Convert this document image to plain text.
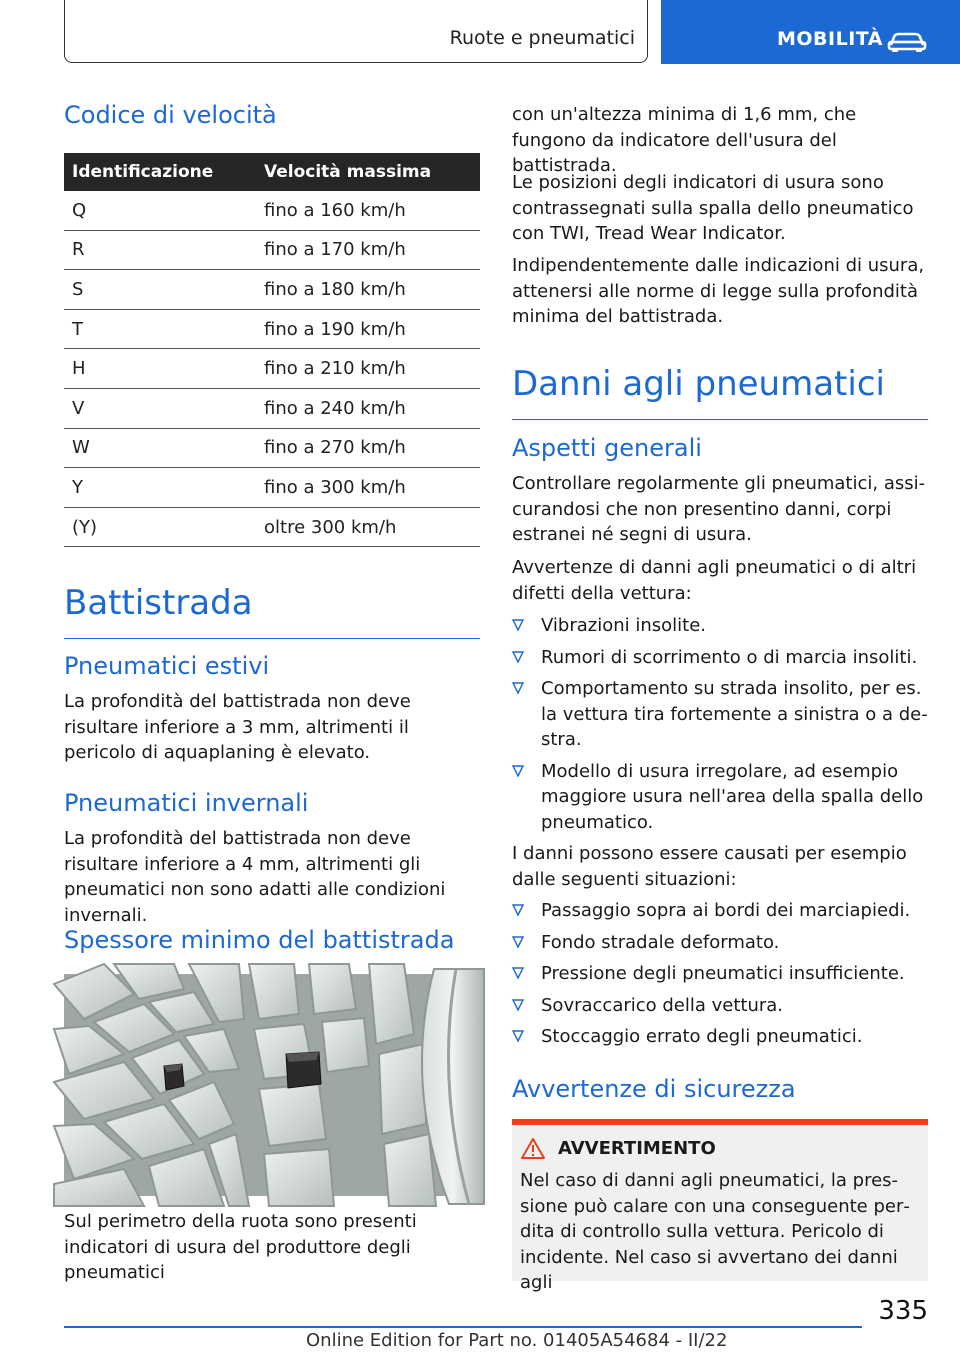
Ruote e pneumatici	MOBILITÀ
Codice di velocità
Identificazione	Velocità massima
Q	fino a 160 km/h
R	fino a 170 km/h
S	fino a 180 km/h
T	fino a 190 km/h
H	fino a 210 km/h
V	fino a 240 km/h
W	fino a 270 km/h
Y	fino a 300 km/h
(Y)	oltre 300 km/h
Battistrada
Pneumatici estivi

La profondità del battistrada non deve risultare inferiore a 3 mm, altrimenti il pericolo di aquaplaning è elevato.

Pneumatici invernali

La profondità del battistrada non deve risultare inferiore a 4 mm, altrimenti gli pneumatici non sono adatti alle condizioni invernali.

Spessore minimo del battistrada

Sul perimetro della ruota sono presenti indicatori di usura del produttore degli pneumatici

con un'altezza minima di 1,6 mm, che fungono da indicatore dell'usura del battistrada.

Le posizioni degli indicatori di usura sono contrassegnati sulla spalla dello pneumatico con TWI, Tread Wear Indicator.

Indipendentemente dalle indicazioni di usura, attenersi alle norme di legge sulla profondità minima del battistrada.

Danni agli pneumatici
Aspetti generali

Controllare regolarmente gli pneumatici, assicurandosi che non presentino danni, corpi estranei né segni di usura.

Avvertenze di danni agli pneumatici o di altri difetti della vettura:

Vibrazioni insolite.
Rumori di scorrimento o di marcia insoliti.
Comportamento su strada insolito, per es. la vettura tira fortemente a sinistra o a destra.
Modello di usura irregolare, ad esempio maggiore usura nell'area della spalla dello pneumatico.

I danni possono essere causati per esempio dalle seguenti situazioni:

Passaggio sopra ai bordi dei marciapiedi.
Fondo stradale deformato.
Pressione degli pneumatici insufficiente.
Sovraccarico della vettura.
Stoccaggio errato degli pneumatici.
Avvertenze di sicurezza
AVVERTIMENTO

Nel caso di danni agli pneumatici, la pressione può calare con una conseguente perdita di controllo sulla vettura. Pericolo di incidente. Nel caso si avvertano dei danni agli

335
Online Edition for Part no. 01405A54684 - II/22
